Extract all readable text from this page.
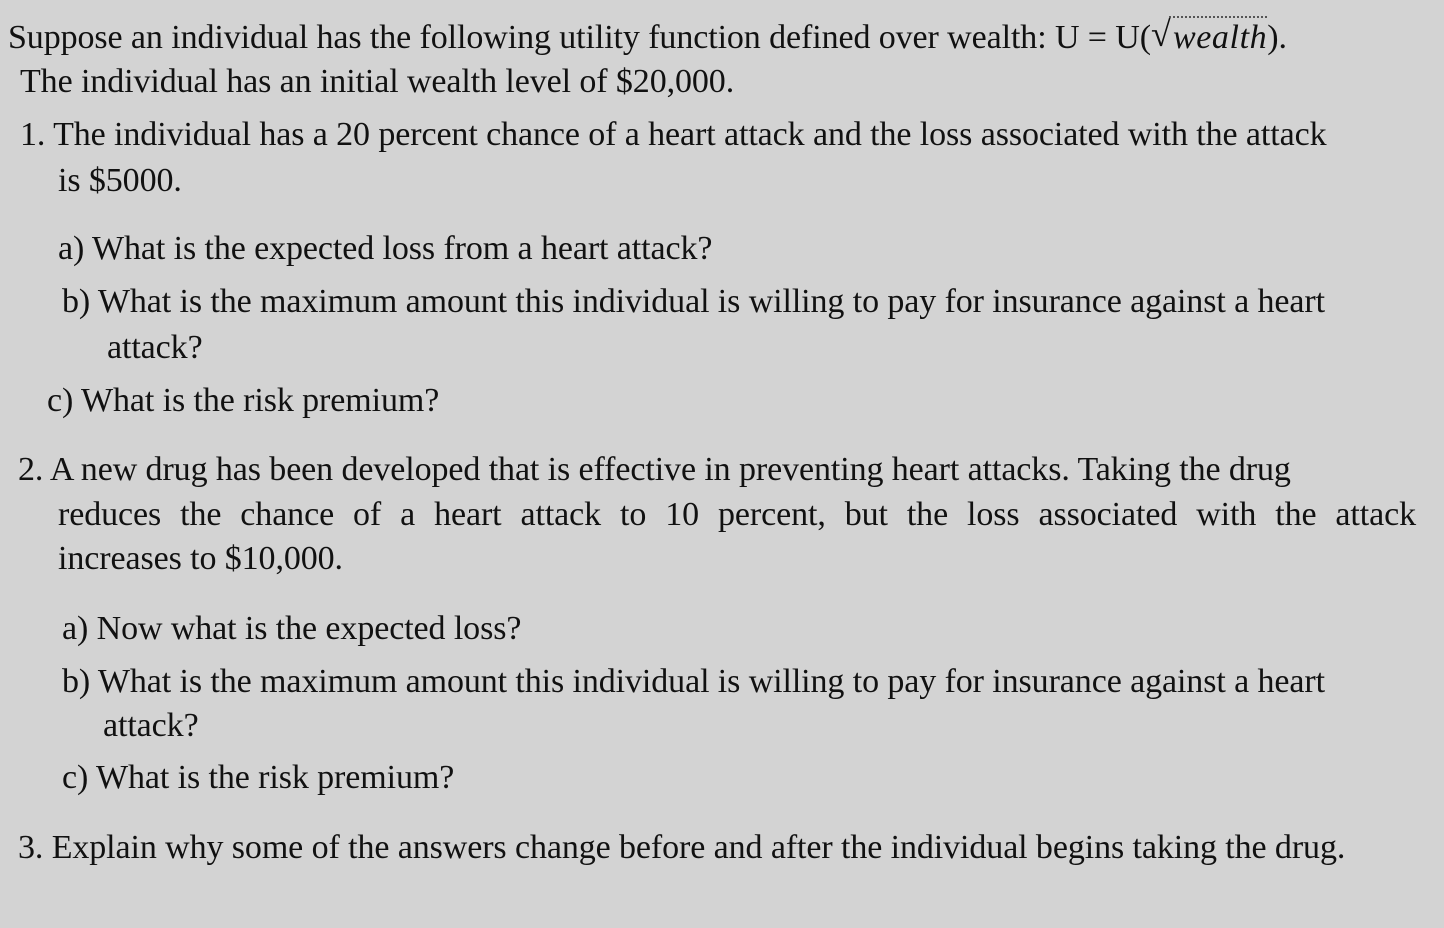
Suppose an individual has the following utility function defined over wealth: U = U( √ wealth).
The individual has an initial wealth level of $20,000.
1. The individual has a 20 percent chance of a heart attack and the loss associated with the attack
is $5000.
a) What is the expected loss from a heart attack?
b) What is the maximum amount this individual is willing to pay for insurance against a heart
attack?
c) What is the risk premium?
2. A new drug has been developed that is effective in preventing heart attacks. Taking the drug
reduces the chance of a heart attack to 10 percent, but the loss associated with the attack
increases to $10,000.
a) Now what is the expected loss?
b) What is the maximum amount this individual is willing to pay for insurance against a heart
attack?
c) What is the risk premium?
3. Explain why some of the answers change before and after the individual begins taking the drug.
